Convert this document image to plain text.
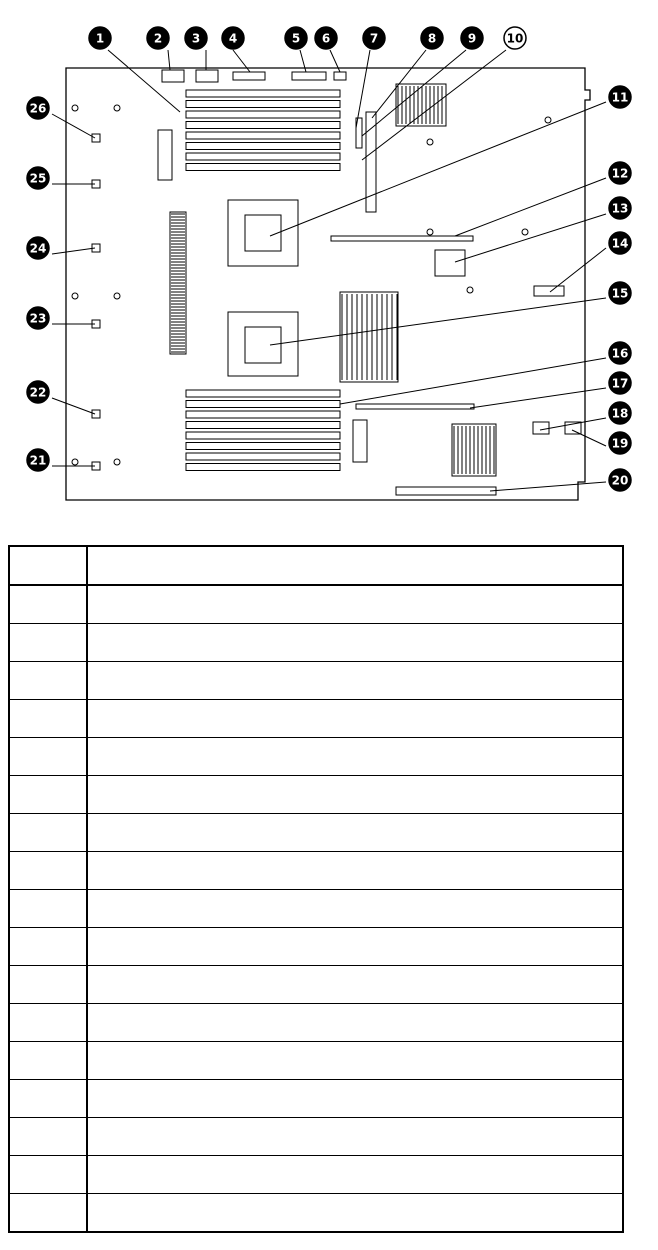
1	2 3 4	5 6	7	8	9	10
11
12
13
14
15
16
17
18
19
20
21
22
23
24
25
26
